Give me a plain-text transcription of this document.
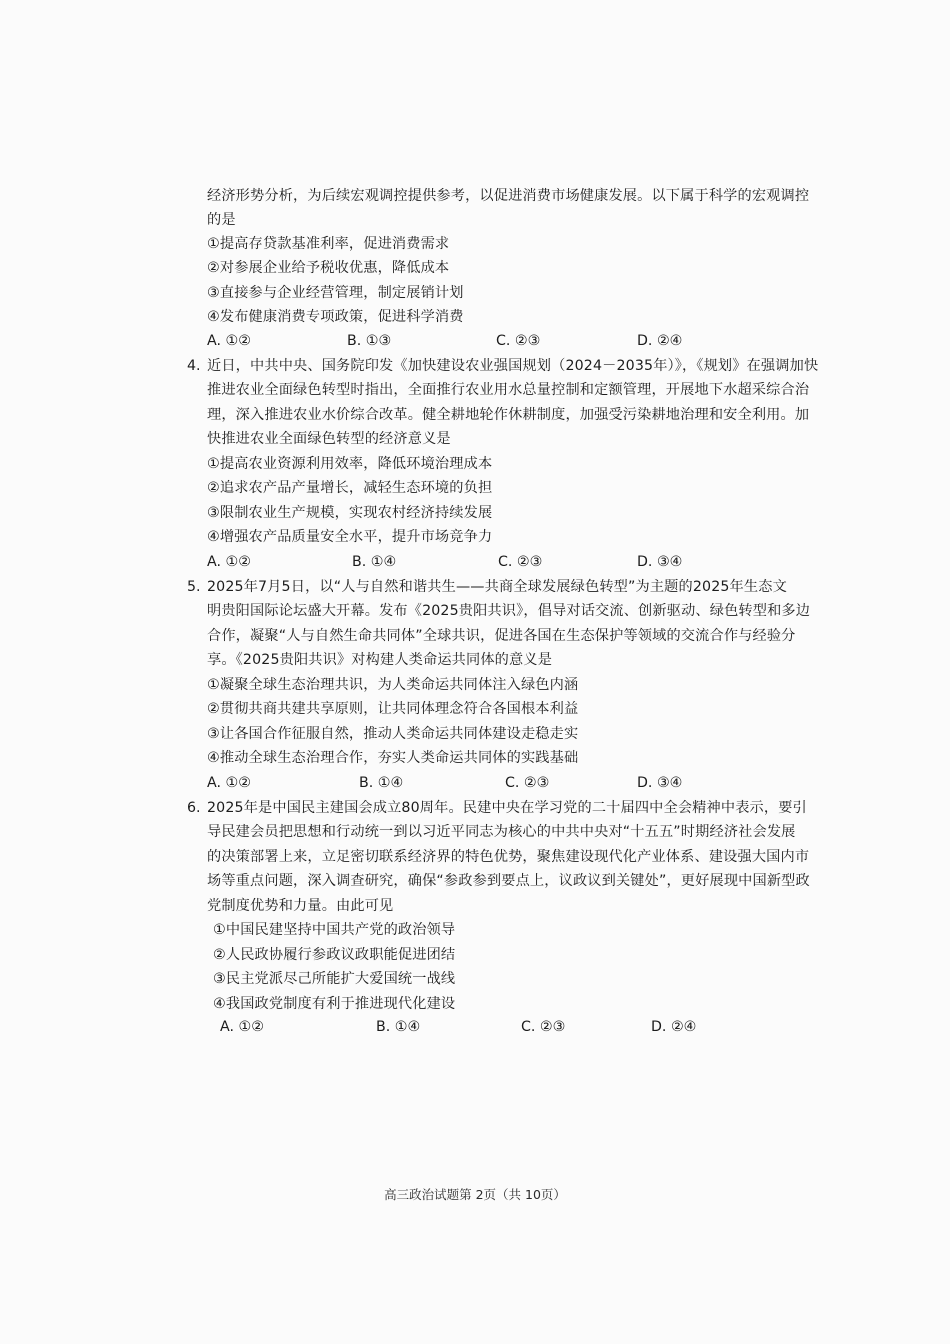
经济形势分析，为后续宏观调控提供参考，以促进消费市场健康发展。以下属于科学的宏观调控
的是
①提高存贷款基准利率，促进消费需求
②对参展企业给予税收优惠，降低成本
③直接参与企业经营管理，制定展销计划
④发布健康消费专项政策，促进科学消费
A. ①②	B. ①③	C. ②③	D. ②④
4. 近日，中共中央、国务院印发《加快建设农业强国规划（2024－2035年）》，《规划》在强调加快
推进农业全面绿色转型时指出，全面推行农业用水总量控制和定额管理，开展地下水超采综合治
理，深入推进农业水价综合改革。健全耕地轮作休耕制度，加强受污染耕地治理和安全利用。加
快推进农业全面绿色转型的经济意义是
①提高农业资源利用效率，降低环境治理成本
②追求农产品产量增长，减轻生态环境的负担
③限制农业生产规模，实现农村经济持续发展
④增强农产品质量安全水平，提升市场竞争力
A. ①②	B. ①④	C. ②③	D. ③④
5. 2025年7月5日，以“人与自然和谐共生——共商全球发展绿色转型”为主题的2025年生态文
明贵阳国际论坛盛大开幕。发布《2025贵阳共识》，倡导对话交流、创新驱动、绿色转型和多边
合作，凝聚“人与自然生命共同体”全球共识，促进各国在生态保护等领域的交流合作与经验分
享。《2025贵阳共识》对构建人类命运共同体的意义是
①凝聚全球生态治理共识，为人类命运共同体注入绿色内涵
②贯彻共商共建共享原则，让共同体理念符合各国根本利益
③让各国合作征服自然，推动人类命运共同体建设走稳走实
④推动全球生态治理合作，夯实人类命运共同体的实践基础
A. ①②	B. ①④	C. ②③	D. ③④
6. 2025年是中国民主建国会成立80周年。民建中央在学习党的二十届四中全会精神中表示，要引
导民建会员把思想和行动统一到以习近平同志为核心的中共中央对“十五五”时期经济社会发展
的决策部署上来，立足密切联系经济界的特色优势，聚焦建设现代化产业体系、建设强大国内市
场等重点问题，深入调查研究，确保“参政参到要点上，议政议到关键处”，更好展现中国新型政
党制度优势和力量。由此可见
①中国民建坚持中国共产党的政治领导
②人民政协履行参政议政职能促进团结
③民主党派尽己所能扩大爱国统一战线
④我国政党制度有利于推进现代化建设
A. ①②	B. ①④	C. ②③	D. ②④
高三政治试题第 2页（共 10页）
